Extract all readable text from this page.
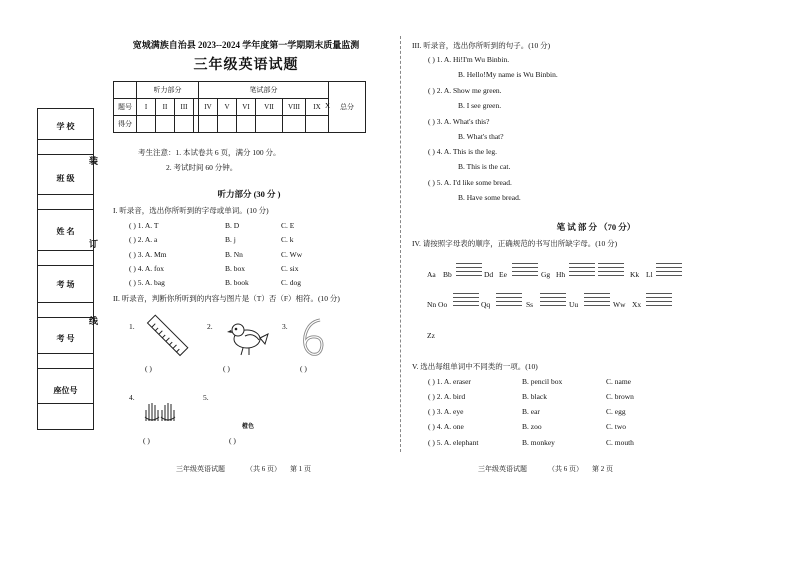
学 校
班 级
姓 名
考 场
考 号
座位号
装
订
线
宽城满族自治县 2023--2024 学年度第一学期期末质量监测
三年级英语试题
	听力部分				笔试部分						总分
题号	I	II	III		IV	V	VI	VII	VIII	IX	
得分											
X
考生注意：1. 本试卷共 6 页，满分 100 分。
2. 考试时间 60 分钟。
听力部分 (30 分 )
I. 听录音，选出你所听到的字母或单词。(10 分)
( ) 1. A. T	B. D	C. E
( ) 2. A. a	B. j	C. k
( ) 3. A. Mm	B. Nn	C. Ww
( ) 4. A. fox	B. box	C. six
( ) 5. A. bag	B. book	C. dog
II. 听录音，判断你所听到的内容与图片是（T）否（F）相符。(10 分)
1.	2.	3.
( )	( )	( )
4.	5.
橙色
( )	( )
三年级英语试题	（共 6 页） 第 1 页
III. 听录音，选出你所听到的句子。(10 分)
( ) 1. A. Hi!I'm Wu Binbin.
B. Hello!My name is Wu Binbin.
( ) 2. A. Show me green.
B. I see green.
( ) 3. A. What's this?
B. What's that?
( ) 4. A. This is the leg.
B. This is the cat.
( ) 5. A. I'd like some bread.
B. Have some bread.
笔 试 部 分 （70 分）
IV. 请按照字母表的顺序，正确规范的书写出所缺字母。(10 分)
Aa Bb	Dd Ee	Gg Hh	Kk Ll
Nn Oo	Qq	Ss	Uu	Ww Xx
Zz
V. 选出每组单词中不同类的一项。(10)
( ) 1. A. eraser	B. pencil box	C. name
( ) 2. A. bird	B. black	C. brown
( ) 3. A. eye	B. ear	C. egg
( ) 4. A. one	B. zoo	C. two
( ) 5. A. elephant	B. monkey	C. mouth
三年级英语试题	（共 6 页） 第 2 页
